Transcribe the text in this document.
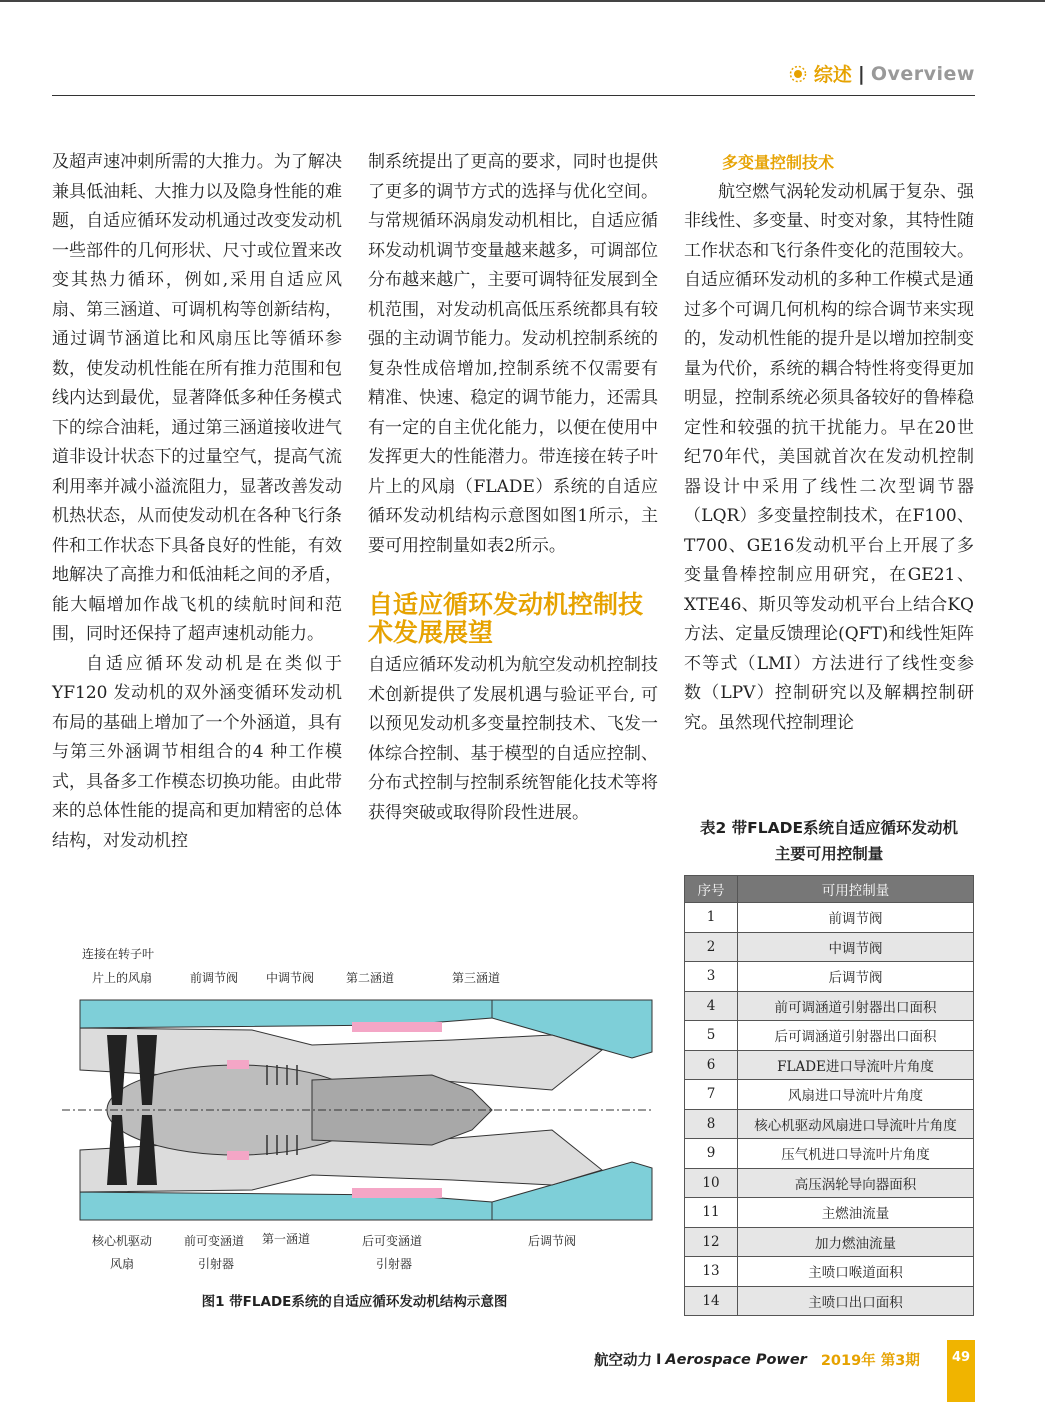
综述 | Overview

及超声速冲刺所需的大推力。为了解决兼具低油耗、大推力以及隐身性能的难题，自适应循环发动机通过改变发动机一些部件的几何形状、尺寸或位置来改变其热力循环，例如,采用自适应风扇、第三涵道、可调机构等创新结构，通过调节涵道比和风扇压比等循环参数，使发动机性能在所有推力范围和包线内达到最优，显著降低多种任务模式下的综合油耗，通过第三涵道接收进气道非设计状态下的过量空气，提高气流利用率并减小溢流阻力，显著改善发动机热状态，从而使发动机在各种飞行条件和工作状态下具备良好的性能，有效地解决了高推力和低油耗之间的矛盾，能大幅增加作战飞机的续航时间和范围，同时还保持了超声速机动能力。

自适应循环发动机是在类似于YF120 发动机的双外涵变循环发动机布局的基础上增加了一个外涵道，具有与第三外涵调节相组合的4 种工作模式，具备多工作模态切换功能。由此带来的总体性能的提高和更加精密的总体结构，对发动机控

制系统提出了更高的要求，同时也提供了更多的调节方式的选择与优化空间。与常规循环涡扇发动机相比，自适应循环发动机调节变量越来越多，可调部位分布越来越广，主要可调特征发展到全机范围，对发动机高低压系统都具有较强的主动调节能力。发动机控制系统的复杂性成倍增加,控制系统不仅需要有精准、快速、稳定的调节能力，还需具有一定的自主优化能力，以便在使用中发挥更大的性能潜力。带连接在转子叶片上的风扇（FLADE）系统的自适应循环发动机结构示意图如图1所示，主要可用控制量如表2所示。

自适应循环发动机控制技术发展展望

自适应循环发动机为航空发动机控制技术创新提供了发展机遇与验证平台, 可以预见发动机多变量控制技术、飞发一体综合控制、基于模型的自适应控制、分布式控制与控制系统智能化技术等将获得突破或取得阶段性进展。

多变量控制技术

航空燃气涡轮发动机属于复杂、强非线性、多变量、时变对象，其特性随工作状态和飞行条件变化的范围较大。自适应循环发动机的多种工作模式是通过多个可调几何机构的综合调节来实现的，发动机性能的提升是以增加控制变量为代价，系统的耦合特性将变得更加明显，控制系统必须具备较好的鲁棒稳定性和较强的抗干扰能力。早在20世纪70年代，美国就首次在发动机控制器设计中采用了线性二次型调节器（LQR）多变量控制技术，在F100、T700、GE16发动机平台上开展了多变量鲁棒控制应用研究，在GE21、XTE46、斯贝等发动机平台上结合KQ方法、定量反馈理论(QFT)和线性矩阵不等式（LMI）方法进行了线性变参数（LPV）控制研究以及解耦控制研究。虽然现代控制理论

表2 带FLADE系统自适应循环发动机
主要可用控制量
序号	可用控制量
1	前调节阀
2	中调节阀
3	后调节阀
4	前可调涵道引射器出口面积
5	后可调涵道引射器出口面积
6	FLADE进口导流叶片角度
7	风扇进口导流叶片角度
8	核心机驱动风扇进口导流叶片角度
9	压气机进口导流叶片角度
10	高压涡轮导向器面积
11	主燃油流量
12	加力燃油流量
13	主喷口喉道面积
14	主喷口出口面积
连接在转子叶
片上的风扇	前调节阀 中调节阀	第二涵道	第三涵道
核心机驱动
风扇
前可变涵道
引射器
第一涵道	后可变涵道
引射器
后调节阀
图1 带FLADE系统的自适应循环发动机结构示意图
航空动力 I Aerospace Power 2019年 第3期	49
